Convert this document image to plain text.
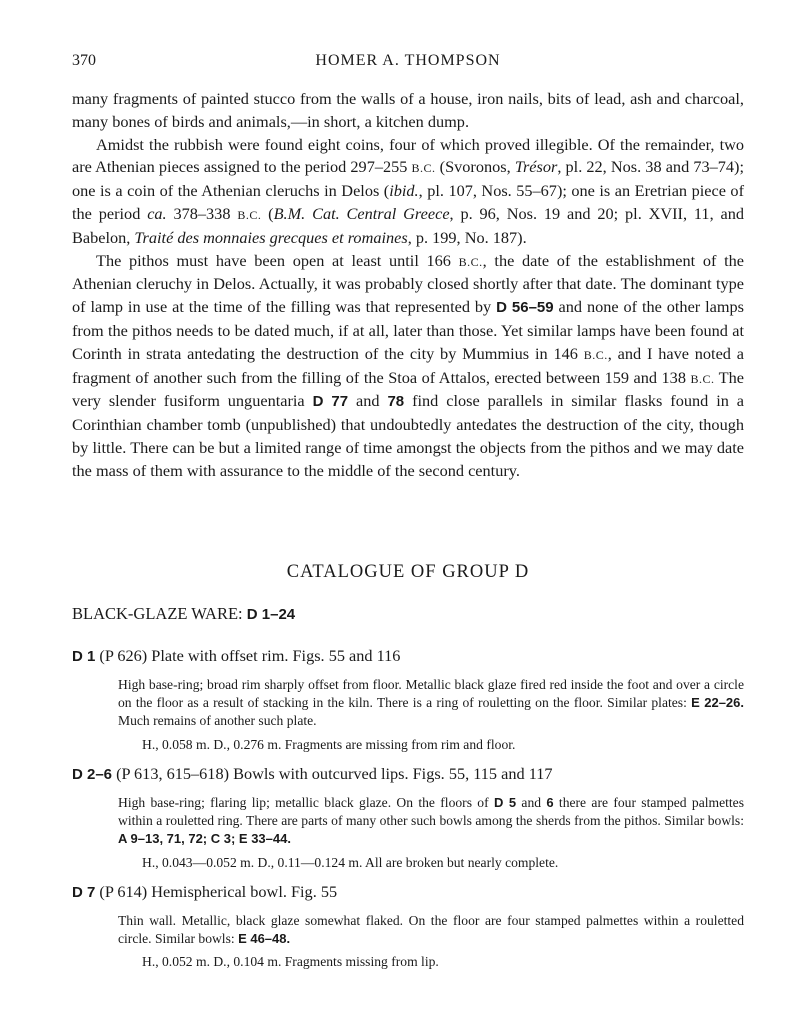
370	HOMER A. THOMPSON

many fragments of painted stucco from the walls of a house, iron nails, bits of lead, ash and charcoal, many bones of birds and animals,—in short, a kitchen dump.

Amidst the rubbish were found eight coins, four of which proved illegible. Of the remainder, two are Athenian pieces assigned to the period 297–255 B.C. (Svoronos, Trésor, pl. 22, Nos. 38 and 73–74); one is a coin of the Athenian cleruchs in Delos (ibid., pl. 107, Nos. 55–67); one is an Eretrian piece of the period ca. 378–338 B.C. (B.M. Cat. Central Greece, p. 96, Nos. 19 and 20; pl. XVII, 11, and Babelon, Traité des monnaies grecques et romaines, p. 199, No. 187).

The pithos must have been open at least until 166 B.C., the date of the establishment of the Athenian cleruchy in Delos. Actually, it was probably closed shortly after that date. The dominant type of lamp in use at the time of the filling was that represented by D 56–59 and none of the other lamps from the pithos needs to be dated much, if at all, later than those. Yet similar lamps have been found at Corinth in strata antedating the destruction of the city by Mummius in 146 B.C., and I have noted a fragment of another such from the filling of the Stoa of Attalos, erected between 159 and 138 B.C. The very slender fusiform unguentaria D 77 and 78 find close parallels in similar flasks found in a Corinthian chamber tomb (unpublished) that undoubtedly antedates the destruction of the city, though by little. There can be but a limited range of time amongst the objects from the pithos and we may date the mass of them with assurance to the middle of the second century.

CATALOGUE OF GROUP D
BLACK-GLAZE WARE: D 1–24
D 1 (P 626) Plate with offset rim. Figs. 55 and 116

High base-ring; broad rim sharply offset from floor. Metallic black glaze fired red inside the foot and over a circle on the floor as a result of stacking in the kiln. There is a ring of rouletting on the floor. Similar plates: E 22–26. Much remains of another such plate.

H., 0.058 m. D., 0.276 m. Fragments are missing from rim and floor.

D 2–6 (P 613, 615–618) Bowls with outcurved lips. Figs. 55, 115 and 117

High base-ring; flaring lip; metallic black glaze. On the floors of D 5 and 6 there are four stamped palmettes within a rouletted ring. There are parts of many other such bowls among the sherds from the pithos. Similar bowls: A 9–13, 71, 72; C 3; E 33–44.

H., 0.043—0.052 m. D., 0.11—0.124 m. All are broken but nearly complete.

D 7 (P 614) Hemispherical bowl. Fig. 55

Thin wall. Metallic, black glaze somewhat flaked. On the floor are four stamped palmettes within a rouletted circle. Similar bowls: E 46–48.

H., 0.052 m. D., 0.104 m. Fragments missing from lip.
